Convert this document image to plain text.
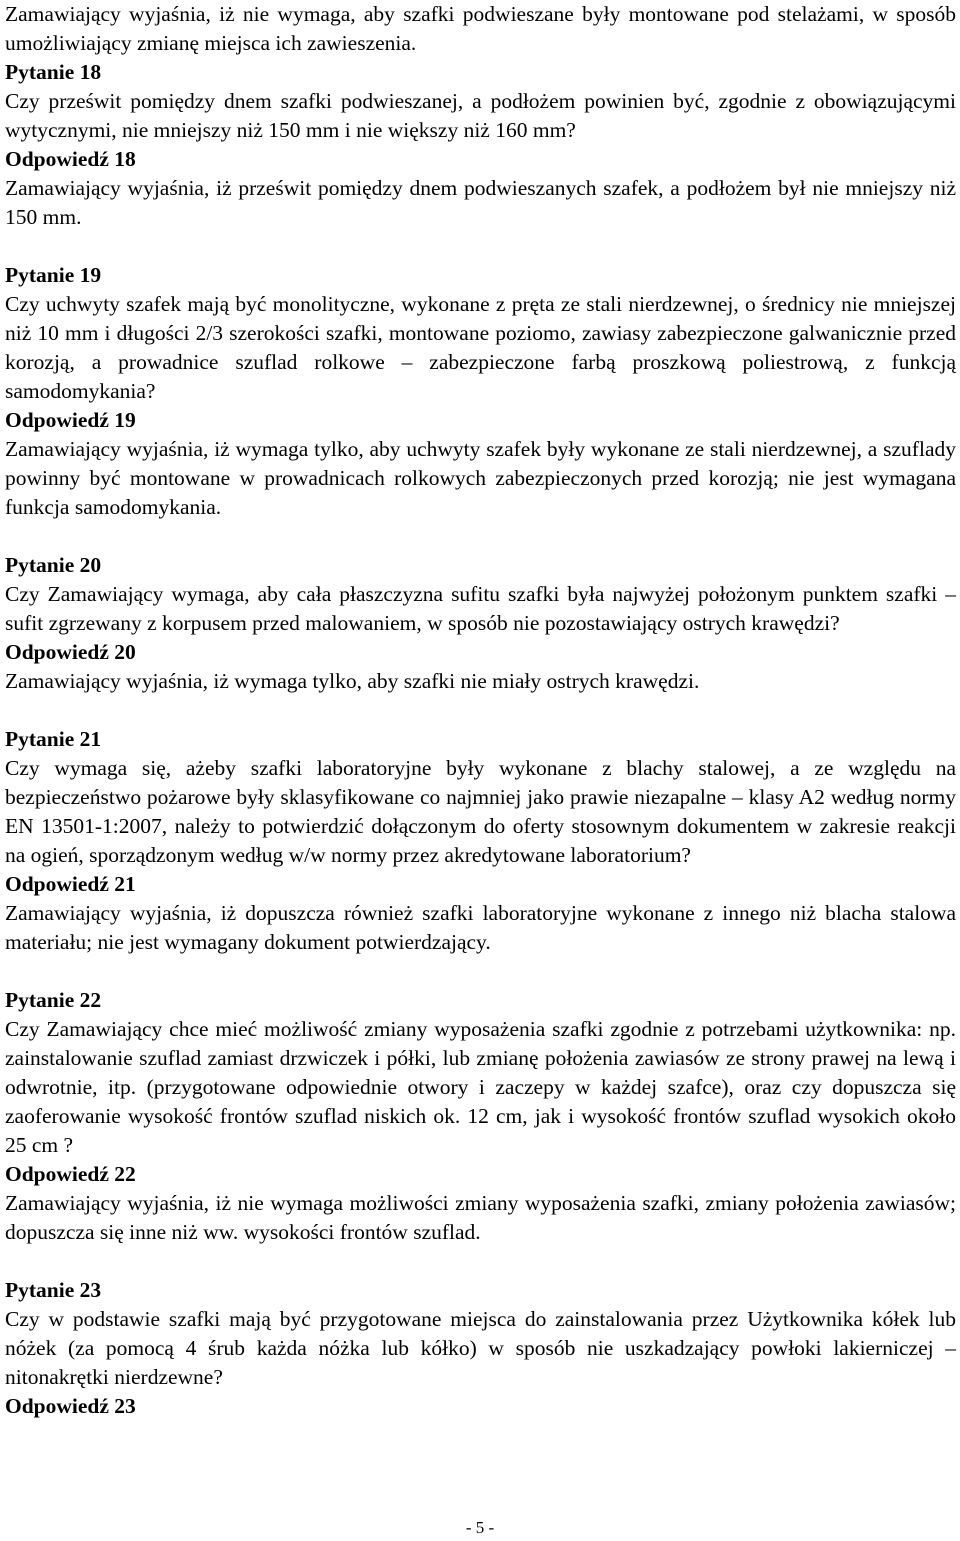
Zamawiający wyjaśnia, iż nie wymaga, aby szafki podwieszane były montowane pod stelażami, w sposób umożliwiający zmianę miejsca ich zawieszenia.

Pytanie 18

Czy prześwit pomiędzy dnem szafki podwieszanej, a podłożem powinien być, zgodnie z obowiązującymi wytycznymi, nie mniejszy niż 150 mm i nie większy niż 160 mm?

Odpowiedź 18

Zamawiający wyjaśnia, iż prześwit pomiędzy dnem podwieszanych szafek, a podłożem był nie mniejszy niż 150 mm.

Pytanie 19

Czy uchwyty szafek mają być monolityczne, wykonane z pręta ze stali nierdzewnej, o średnicy nie mniejszej niż 10 mm i długości 2/3 szerokości szafki, montowane poziomo, zawiasy zabezpieczone galwanicznie przed korozją, a prowadnice szuflad rolkowe – zabezpieczone farbą proszkową poliestrową, z funkcją samodomykania?

Odpowiedź 19

Zamawiający wyjaśnia, iż wymaga tylko, aby uchwyty szafek były wykonane ze stali nierdzewnej, a szuflady powinny być montowane w prowadnicach rolkowych zabezpieczonych przed korozją; nie jest wymagana funkcja samodomykania.

Pytanie 20

Czy Zamawiający wymaga, aby cała płaszczyzna sufitu szafki była najwyżej położonym punktem szafki – sufit zgrzewany z korpusem przed malowaniem, w sposób nie pozostawiający ostrych krawędzi?

Odpowiedź 20

Zamawiający wyjaśnia, iż wymaga tylko, aby szafki nie miały ostrych krawędzi.

Pytanie 21

Czy wymaga się, ażeby szafki laboratoryjne były wykonane z blachy stalowej, a ze względu na bezpieczeństwo pożarowe były sklasyfikowane co najmniej jako prawie niezapalne – klasy A2 według normy EN 13501-1:2007, należy to potwierdzić dołączonym do oferty stosownym dokumentem w zakresie reakcji na ogień, sporządzonym według w/w normy przez akredytowane laboratorium?

Odpowiedź 21

Zamawiający wyjaśnia, iż dopuszcza również szafki laboratoryjne wykonane z innego niż blacha stalowa materiału; nie jest wymagany dokument potwierdzający.

Pytanie 22

Czy Zamawiający chce mieć możliwość zmiany wyposażenia szafki zgodnie z potrzebami użytkownika: np. zainstalowanie szuflad zamiast drzwiczek i półki, lub zmianę położenia zawiasów ze strony prawej na lewą i odwrotnie, itp. (przygotowane odpowiednie otwory i zaczepy w każdej szafce), oraz czy dopuszcza się zaoferowanie wysokość frontów szuflad niskich ok. 12 cm, jak i wysokość frontów szuflad wysokich około 25 cm ?

Odpowiedź 22

Zamawiający wyjaśnia, iż nie wymaga możliwości zmiany wyposażenia szafki, zmiany położenia zawiasów; dopuszcza się inne niż ww. wysokości frontów szuflad.

Pytanie 23

Czy w podstawie szafki mają być przygotowane miejsca do zainstalowania przez Użytkownika kółek lub nóżek (za pomocą 4 śrub każda nóżka lub kółko) w sposób nie uszkadzający powłoki lakierniczej – nitonakrętki nierdzewne?

Odpowiedź 23

- 5 -
